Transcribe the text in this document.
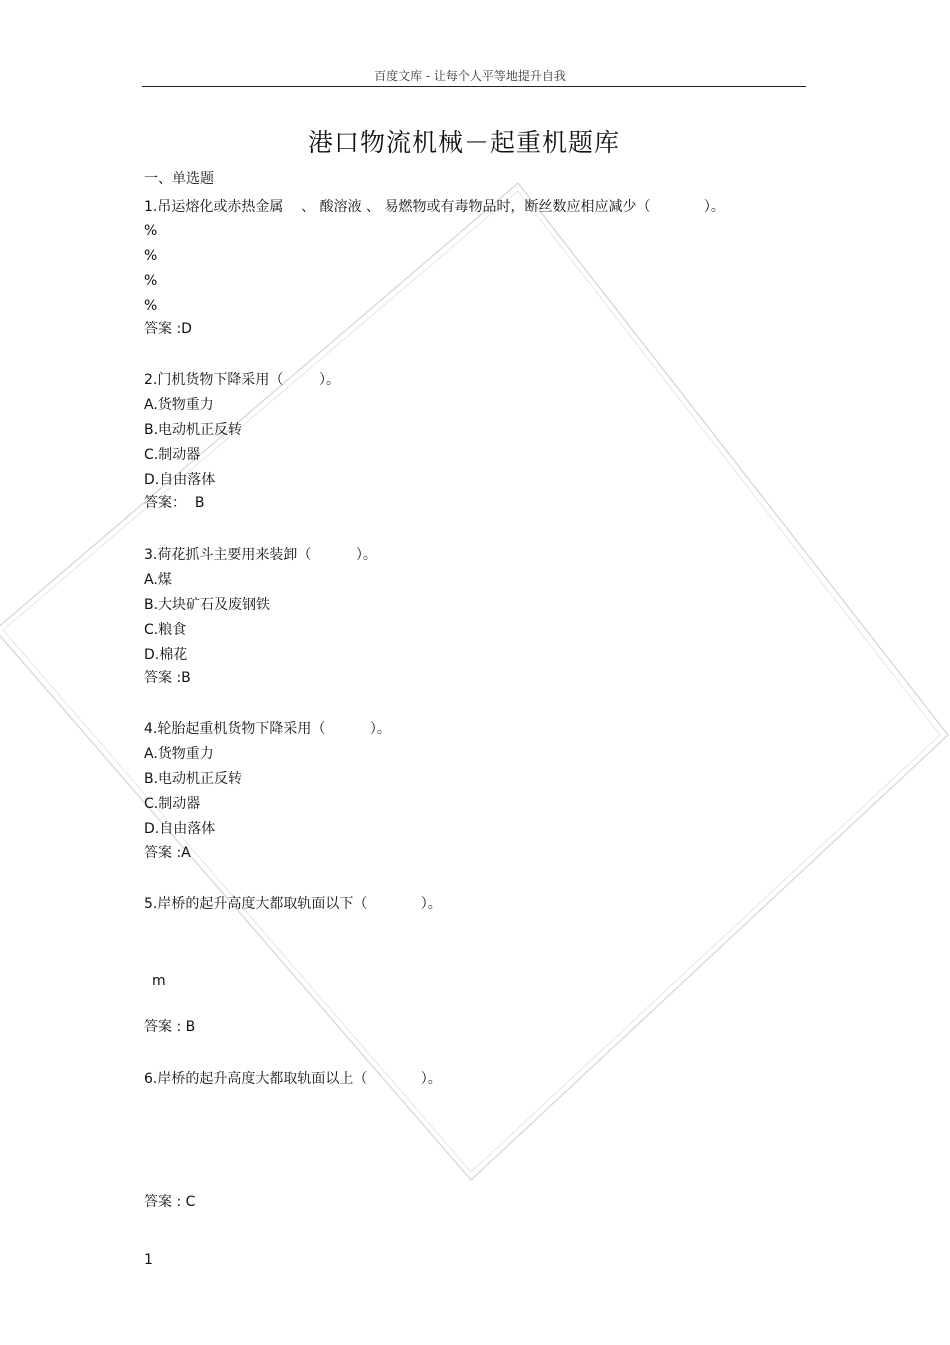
百度文库 - 让每个人平等地提升自我
港口物流机械－起重机题库
一、单选题
1.吊运熔化或赤热金属    、 酸溶液 、 易燃物或有毒物品时，断丝数应相应减少（            ）。
%
%
%
%
答案 :D
2.门机货物下降采用（        ）。
A.货物重力
B.电动机正反转
C.制动器
D.自由落体
答案：  B
3.荷花抓斗主要用来装卸（          ）。
A.煤
B.大块矿石及废钢铁
C.粮食
D.棉花
答案 :B
4.轮胎起重机货物下降采用（          ）。
A.货物重力
B.电动机正反转
C.制动器
D.自由落体
答案 :A
5.岸桥的起升高度大都取轨面以下（            ）。
m
答案 : B
6.岸桥的起升高度大都取轨面以上（            ）。
答案 : C
1
